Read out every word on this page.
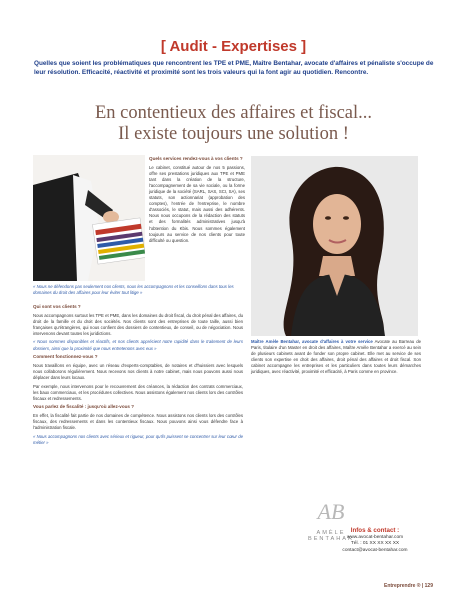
[ Audit - Expertises ]
Quelles que soient les problématiques que rencontrent les TPE et PME, Maître Bentahar, avocate d'affaires et pénaliste s'occupe de leur résolution. Efficacité, réactivité et proximité sont les trois valeurs qui la font agir au quotidien. Rencontre.
En contentieux des affaires et fiscal...
Il existe toujours une solution !

Quels services rendez-vous à vos clients ?

Le cabinet, constitué autour de nos 5 passions, offre ses prestations juridiques aux TPE et PME tant dans la création de la structure, l'accompagnement de sa vie sociale, ou la forme juridique de la société (SARL, SAS, SCI, SA), ses statuts, son actionnariat (approbation des comptes), l'entrée de l'entreprise, le nombre d'associés, le statut, mais aussi des adhérents. Nous nous occupons de la rédaction des statuts et des formalités administratives jusqu'à l'obtention du Kbis. Nous sommes également toujours au service de nos clients pour toute difficulté ou question.

« Nous ne défendons pas seulement nos clients, nous les accompagnons et les conseillons dans tous les domaines du droit des affaires pour leur éviter tout litige »

Qui sont vos clients ?

Nous accompagnons surtout les TPE et PME, dans les domaines du droit fiscal, du droit pénal des affaires, du droit de la famille et du droit des sociétés. Nos clients sont des entreprises de toute taille, aussi bien françaises qu'étrangères, qui nous confient des dossiers de contentieux, de conseil, ou de négociation. Nous intervenons devant toutes les juridictions.

« Nous sommes disponibles et réactifs, et nos clients apprécient notre rapidité dans le traitement de leurs dossiers, ainsi que la proximité que nous entretenons avec eux »

Comment fonctionnez-vous ?

Nous travaillons en équipe, avec un réseau d'experts-comptables, de notaires et d'huissiers avec lesquels nous collaborons régulièrement. Nous recevons nos clients à notre cabinet, mais nous pouvons aussi nous déplacer dans leurs locaux.

Par exemple, nous intervenons pour le recouvrement des créances, la rédaction des contrats commerciaux, les baux commerciaux, et les procédures collectives. Nous assistons également nos clients lors des contrôles fiscaux et redressements.

Vous parlez de fiscalité : jusqu'où allez-vous ?

En effet, la fiscalité fait partie de nos domaines de compétence. Nous assistons nos clients lors des contrôles fiscaux, des redressements et dans les contentieux fiscaux. Nous pouvons ainsi vous défendre face à l'administration fiscale.

« Nous accompagnons nos clients avec sérieux et rigueur, pour qu'ils puissent se concentrer sur leur cœur de métier »

Maître Amèle Bentahar, avocate d'affaires à votre service Avocate au Barreau de Paris, titulaire d'un Master en droit des affaires, Maître Amèle Bentahar a exercé au sein de plusieurs cabinets avant de fonder son propre cabinet. Elle met au service de ses clients son expertise en droit des affaires, droit pénal des affaires et droit fiscal. Son cabinet accompagne les entreprises et les particuliers dans toutes leurs démarches juridiques, avec réactivité, proximité et efficacité, à Paris comme en province.
AB
AMÈLE BENTAHAR
Infos & contact :
www.avocat-bentahar.com
Tél. : 01 XX XX XX XX
contact@avocat-bentahar.com
Entreprendre ® | 129
